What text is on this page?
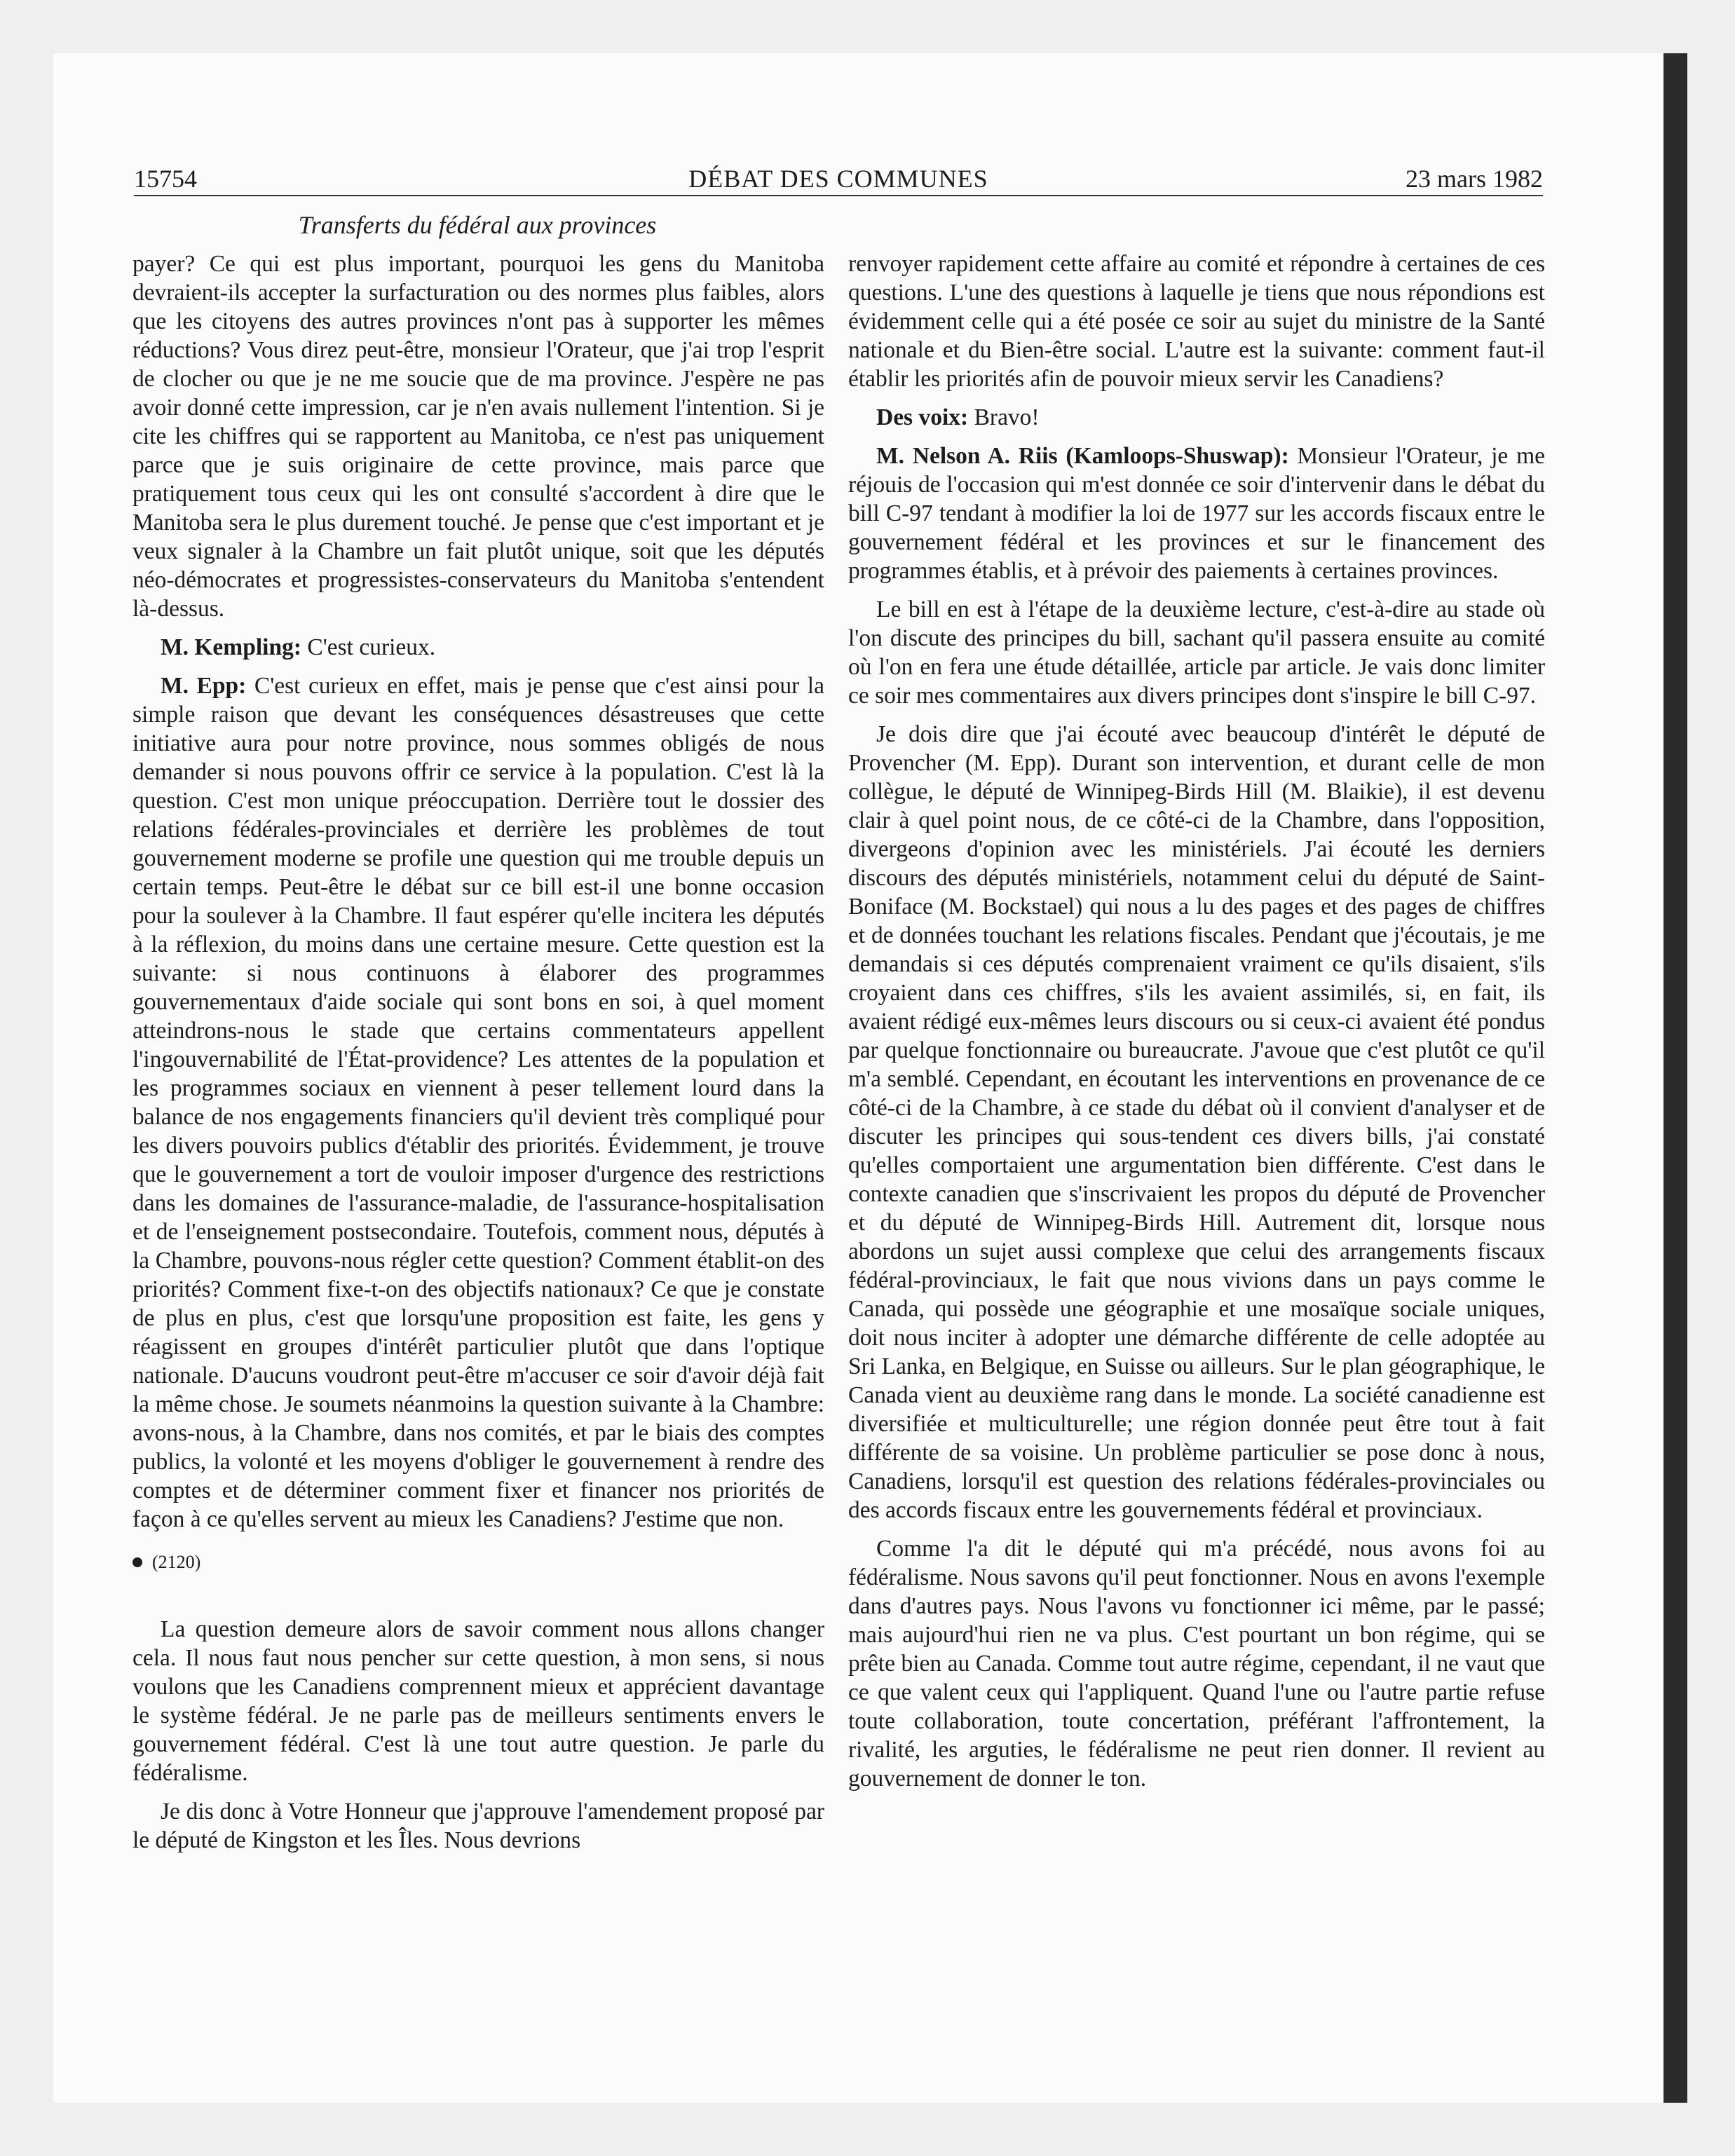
15754	DÉBAT DES COMMUNES	23 mars 1982
Transferts du fédéral aux provinces

payer? Ce qui est plus important, pourquoi les gens du Manitoba devraient-ils accepter la surfacturation ou des normes plus faibles, alors que les citoyens des autres provinces n'ont pas à supporter les mêmes réductions? Vous direz peut-être, monsieur l'Orateur, que j'ai trop l'esprit de clocher ou que je ne me soucie que de ma province. J'espère ne pas avoir donné cette impression, car je n'en avais nullement l'intention. Si je cite les chiffres qui se rapportent au Manitoba, ce n'est pas uniquement parce que je suis originaire de cette province, mais parce que pratiquement tous ceux qui les ont consulté s'accordent à dire que le Manitoba sera le plus durement touché. Je pense que c'est important et je veux signaler à la Chambre un fait plutôt unique, soit que les députés néo-démocrates et progressistes-conservateurs du Manitoba s'entendent là-dessus.

M. Kempling: C'est curieux.

M. Epp: C'est curieux en effet, mais je pense que c'est ainsi pour la simple raison que devant les conséquences désastreuses que cette initiative aura pour notre province, nous sommes obligés de nous demander si nous pouvons offrir ce service à la population. C'est là la question. C'est mon unique préoccupation. Derrière tout le dossier des relations fédérales-provinciales et derrière les problèmes de tout gouvernement moderne se profile une question qui me trouble depuis un certain temps. Peut-être le débat sur ce bill est-il une bonne occasion pour la soulever à la Chambre. Il faut espérer qu'elle incitera les députés à la réflexion, du moins dans une certaine mesure. Cette question est la suivante: si nous continuons à élaborer des programmes gouvernementaux d'aide sociale qui sont bons en soi, à quel moment atteindrons-nous le stade que certains commentateurs appellent l'ingouvernabilité de l'État-providence? Les attentes de la population et les programmes sociaux en viennent à peser tellement lourd dans la balance de nos engagements financiers qu'il devient très compliqué pour les divers pouvoirs publics d'établir des priorités. Évidemment, je trouve que le gouvernement a tort de vouloir imposer d'urgence des restrictions dans les domaines de l'assurance-maladie, de l'assurance-hospitalisation et de l'enseignement postsecondaire. Toutefois, comment nous, députés à la Chambre, pouvons-nous régler cette question? Comment établit-on des priorités? Comment fixe-t-on des objectifs nationaux? Ce que je constate de plus en plus, c'est que lorsqu'une proposition est faite, les gens y réagissent en groupes d'intérêt particulier plutôt que dans l'optique nationale. D'aucuns voudront peut-être m'accuser ce soir d'avoir déjà fait la même chose. Je soumets néanmoins la question suivante à la Chambre: avons-nous, à la Chambre, dans nos comités, et par le biais des comptes publics, la volonté et les moyens d'obliger le gouvernement à rendre des comptes et de déterminer comment fixer et financer nos priorités de façon à ce qu'elles servent au mieux les Canadiens? J'estime que non.

(2120)

La question demeure alors de savoir comment nous allons changer cela. Il nous faut nous pencher sur cette question, à mon sens, si nous voulons que les Canadiens comprennent mieux et apprécient davantage le système fédéral. Je ne parle pas de meilleurs sentiments envers le gouvernement fédéral. C'est là une tout autre question. Je parle du fédéralisme.

Je dis donc à Votre Honneur que j'approuve l'amendement proposé par le député de Kingston et les Îles. Nous devrions

renvoyer rapidement cette affaire au comité et répondre à certaines de ces questions. L'une des questions à laquelle je tiens que nous répondions est évidemment celle qui a été posée ce soir au sujet du ministre de la Santé nationale et du Bien-être social. L'autre est la suivante: comment faut-il établir les priorités afin de pouvoir mieux servir les Canadiens?

Des voix: Bravo!

M. Nelson A. Riis (Kamloops-Shuswap): Monsieur l'Orateur, je me réjouis de l'occasion qui m'est donnée ce soir d'intervenir dans le débat du bill C-97 tendant à modifier la loi de 1977 sur les accords fiscaux entre le gouvernement fédéral et les provinces et sur le financement des programmes établis, et à prévoir des paiements à certaines provinces.

Le bill en est à l'étape de la deuxième lecture, c'est-à-dire au stade où l'on discute des principes du bill, sachant qu'il passera ensuite au comité où l'on en fera une étude détaillée, article par article. Je vais donc limiter ce soir mes commentaires aux divers principes dont s'inspire le bill C-97.

Je dois dire que j'ai écouté avec beaucoup d'intérêt le député de Provencher (M. Epp). Durant son intervention, et durant celle de mon collègue, le député de Winnipeg-Birds Hill (M. Blaikie), il est devenu clair à quel point nous, de ce côté-ci de la Chambre, dans l'opposition, divergeons d'opinion avec les ministériels. J'ai écouté les derniers discours des députés ministériels, notamment celui du député de Saint-Boniface (M. Bockstael) qui nous a lu des pages et des pages de chiffres et de données touchant les relations fiscales. Pendant que j'écoutais, je me demandais si ces députés comprenaient vraiment ce qu'ils disaient, s'ils croyaient dans ces chiffres, s'ils les avaient assimilés, si, en fait, ils avaient rédigé eux-mêmes leurs discours ou si ceux-ci avaient été pondus par quelque fonctionnaire ou bureaucrate. J'avoue que c'est plutôt ce qu'il m'a semblé. Cependant, en écoutant les interventions en provenance de ce côté-ci de la Chambre, à ce stade du débat où il convient d'analyser et de discuter les principes qui sous-tendent ces divers bills, j'ai constaté qu'elles comportaient une argumentation bien différente. C'est dans le contexte canadien que s'inscrivaient les propos du député de Provencher et du député de Winnipeg-Birds Hill. Autrement dit, lorsque nous abordons un sujet aussi complexe que celui des arrangements fiscaux fédéral-provinciaux, le fait que nous vivions dans un pays comme le Canada, qui possède une géographie et une mosaïque sociale uniques, doit nous inciter à adopter une démarche différente de celle adoptée au Sri Lanka, en Belgique, en Suisse ou ailleurs. Sur le plan géographique, le Canada vient au deuxième rang dans le monde. La société canadienne est diversifiée et multiculturelle; une région donnée peut être tout à fait différente de sa voisine. Un problème particulier se pose donc à nous, Canadiens, lorsqu'il est question des relations fédérales-provinciales ou des accords fiscaux entre les gouvernements fédéral et provinciaux.

Comme l'a dit le député qui m'a précédé, nous avons foi au fédéralisme. Nous savons qu'il peut fonctionner. Nous en avons l'exemple dans d'autres pays. Nous l'avons vu fonctionner ici même, par le passé; mais aujourd'hui rien ne va plus. C'est pourtant un bon régime, qui se prête bien au Canada. Comme tout autre régime, cependant, il ne vaut que ce que valent ceux qui l'appliquent. Quand l'une ou l'autre partie refuse toute collaboration, toute concertation, préférant l'affrontement, la rivalité, les arguties, le fédéralisme ne peut rien donner. Il revient au gouvernement de donner le ton.
